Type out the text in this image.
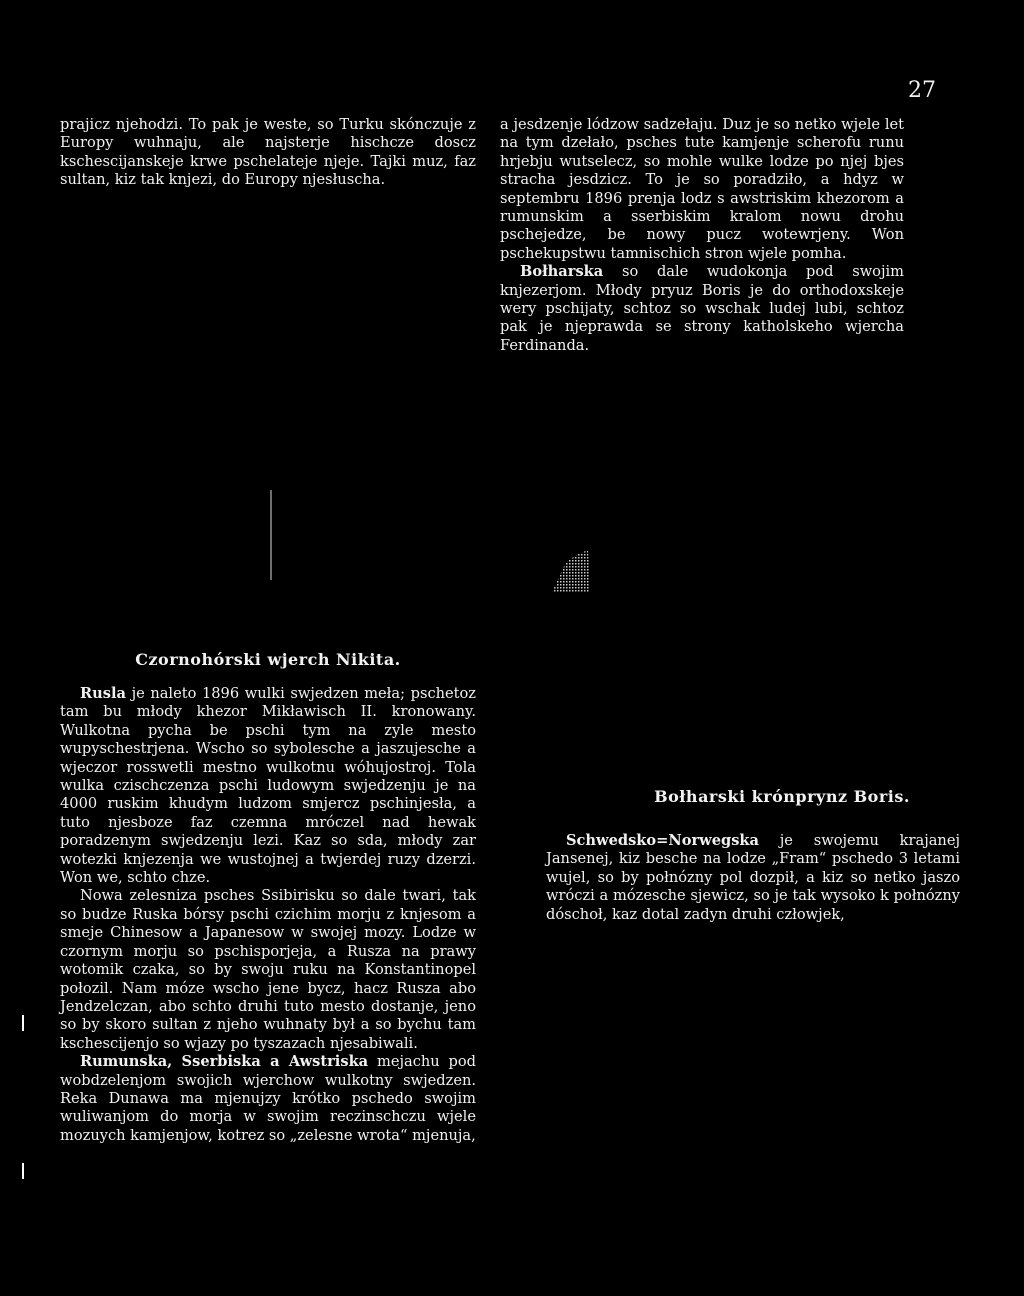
27

prajicz njehodzi. To pak je weste, so Turku skónczuje z Europy wuhnaju, ale najsterje hischcze doscz kschescijanskeje krwe pschelateje njeje. Tajki muz, faz sultan, kiz tak knjezi, do Europy njesłuscha.

Czornohórski wjerch Nikita.

Rusla je naleto 1896 wulki swjedzen meła; pschetoz tam bu młody khezor Mikławisch II. kronowany. Wulkotna pycha be pschi tym na zyle mesto wupyschestrjena. Wscho so sybolesche a jaszujesche a wjeczor rosswetli mestno wulkotnu wóhujostroj. Tola wulka czischczenza pschi ludowym swjedzenju je na 4000 ruskim khudym ludzom smjercz pschinjesła, a tuto njesboze faz czemna mróczel nad hewak poradzenym swjedzenju lezi. Kaz so sda, młody zar wotezki knjezenja we wustojnej a twjerdej ruzy dzerzi. Won we, schto chze.

Nowa zelesniza psches Ssibirisku so dale twari, tak so budze Ruska bórsy pschi czichim morju z knjesom a smeje Chinesow a Japanesow w swojej mozy. Lodze w czornym morju so pschisporjeja, a Rusza na prawy wotomik czaka, so by swoju ruku na Konstantinopel połozil. Nam móze wscho jene bycz, hacz Rusza abo Jendzelczan, abo schto druhi tuto mesto dostanje, jeno so by skoro sultan z njeho wuhnaty był a so bychu tam kschescijenjo so wjazy po tyszazach njesabiwali.

Rumunska, Sserbiska a Awstriska mejachu pod wobdzelenjom swojich wjerchow wulkotny swjedzen. Reka Dunawa ma mjenujzy krótko pschedo swojim wuliwanjom do morja w swojim reczinschczu wjele mozuych kamjenjow, kotrez so „zelesne wrota“ mjenuja,

a jesdzenje lódzow sadzełaju. Duz je so netko wjele let na tym dzełało, psches tute kamjenje scherofu runu hrjebju wutselecz, so mohle wulke lodze po njej bjes stracha jesdzicz. To je so poradziło, a hdyz w septembru 1896 prenja lodz s awstriskim khezorom a rumunskim a sserbiskim kralom nowu drohu pschejedze, be nowy pucz wotewrjeny. Won pschekupstwu tamnischich stron wjele pomha.

Bołharska so dale wudokonja pod swojim knjezerjom. Młody pryuz Boris je do orthodoxskeje wery pschijaty, schtoz so wschak ludej lubi, schtoz pak je njeprawda se strony katholskeho wjercha Ferdinanda.

Bołharski krónprynz Boris.

Schwedsko=Norwegska je swojemu krajanej Jansenej, kiz besche na lodze „Fram“ pschedo 3 letami wujel, so by połnózny pol dozpił, a kiz so netko jaszo wróczi a mózesche sjewicz, so je tak wysoko k połnózny dóschoł, kaz dotal zadyn druhi człowjek,
